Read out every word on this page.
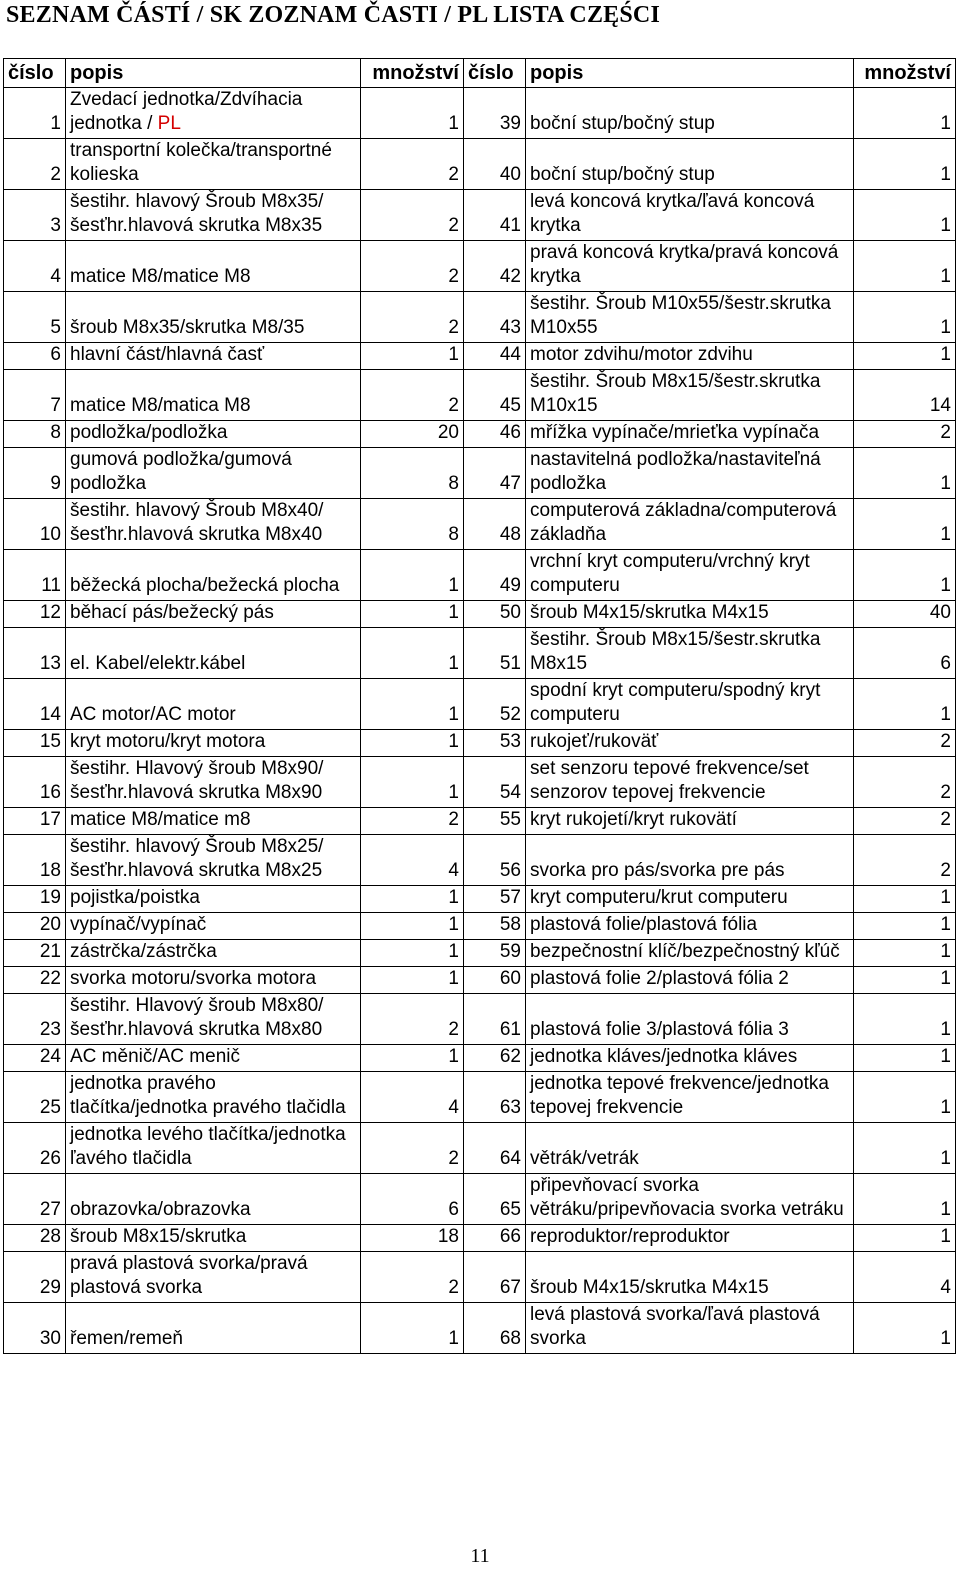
SEZNAM ČÁSTÍ / SK ZOZNAM ČASTI / PL LISTA CZĘŚCI
číslo	popis	množství	číslo	popis	množství
1	Zvedací jednotka/Zdvíhacia jednotka / PL	1	39	boční stup/bočný stup	1
2	transportní kolečka/transportné kolieska	2	40	boční stup/bočný stup	1
3	šestihr. hlavový Šroub M8x35/šesťhr.hlavová skrutka M8x35	2	41	levá koncová krytka/ľavá koncová krytka	1
4	matice M8/matice M8	2	42	pravá koncová krytka/pravá koncová krytka	1
5	šroub M8x35/skrutka M8/35	2	43	šestihr. Šroub M10x55/šestr.skrutka M10x55	1
6	hlavní část/hlavná časť	1	44	motor zdvihu/motor zdvihu	1
7	matice M8/matica M8	2	45	šestihr. Šroub M8x15/šestr.skrutka M10x15	14
8	podložka/podložka	20	46	mřížka vypínače/mrieťka vypínača	2
9	gumová podložka/gumová podložka	8	47	nastavitelná podložka/nastaviteľná podložka	1
10	šestihr. hlavový Šroub M8x40/šesťhr.hlavová skrutka M8x40	8	48	computerová základna/computerová základňa	1
11	běžecká plocha/bežecká plocha	1	49	vrchní kryt computeru/vrchný kryt computeru	1
12	běhací pás/bežecký pás	1	50	šroub M4x15/skrutka M4x15	40
13	el. Kabel/elektr.kábel	1	51	šestihr. Šroub M8x15/šestr.skrutka M8x15	6
14	AC motor/AC motor	1	52	spodní kryt computeru/spodný kryt computeru	1
15	kryt motoru/kryt motora	1	53	rukojeť/rukoväť	2
16	šestihr. Hlavový šroub M8x90/šesťhr.hlavová skrutka M8x90	1	54	set senzoru tepové frekvence/set senzorov tepovej frekvencie	2
17	matice M8/matice m8	2	55	kryt rukojetí/kryt rukovätí	2
18	šestihr. hlavový Šroub M8x25/šesťhr.hlavová skrutka M8x25	4	56	svorka pro pás/svorka pre pás	2
19	pojistka/poistka	1	57	kryt computeru/krut computeru	1
20	vypínač/vypínač	1	58	plastová folie/plastová fólia	1
21	zástrčka/zástrčka	1	59	bezpečnostní klíč/bezpečnostný kľúč	1
22	svorka motoru/svorka motora	1	60	plastová folie 2/plastová fólia 2	1
23	šestihr. Hlavový šroub M8x80/šesťhr.hlavová skrutka M8x80	2	61	plastová folie 3/plastová fólia 3	1
24	AC měnič/AC menič	1	62	jednotka kláves/jednotka kláves	1
25	jednotka pravého tlačítka/jednotka pravého tlačidla	4	63	jednotka tepové frekvence/jednotka tepovej frekvencie	1
26	jednotka levého tlačítka/jednotka ľavého tlačidla	2	64	větrák/vetrák	1
27	obrazovka/obrazovka	6	65	připevňovací svorka větráku/pripevňovacia svorka vetráku	1
28	šroub M8x15/skrutka	18	66	reproduktor/reproduktor	1
29	pravá plastová svorka/pravá plastová svorka	2	67	šroub M4x15/skrutka M4x15	4
30	řemen/remeň	1	68	levá plastová svorka/ľavá plastová svorka	1
11
